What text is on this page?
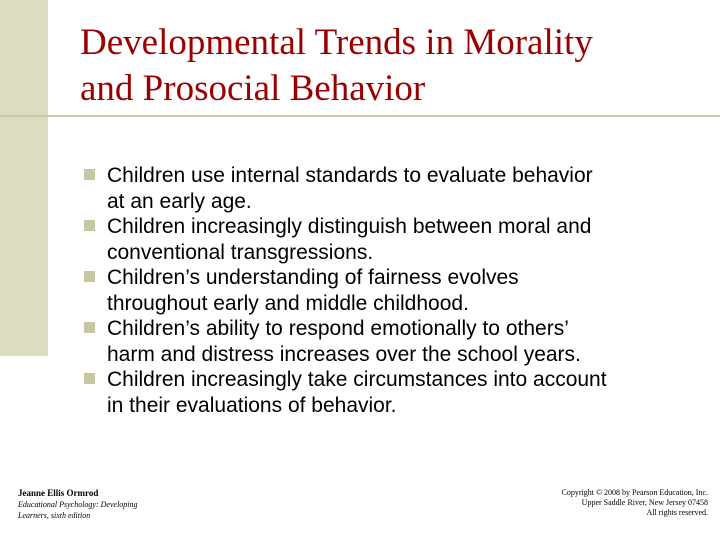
Developmental Trends in Morality
and Prosocial Behavior
Children use internal standards to evaluate behavior
at an early age.
Children increasingly distinguish between moral and
conventional transgressions.
Children’s understanding of fairness evolves
throughout early and middle childhood.
Children’s ability to respond emotionally to others’
harm and distress increases over the school years.
Children increasingly take circumstances into account
in their evaluations of behavior.
Jeanne Ellis Ormrod
Educational Psychology: Developing
Learners, sixth edition
Copyright © 2008 by Pearson Education, Inc.
Upper Saddle River, New Jersey 07458
All rights reserved.
